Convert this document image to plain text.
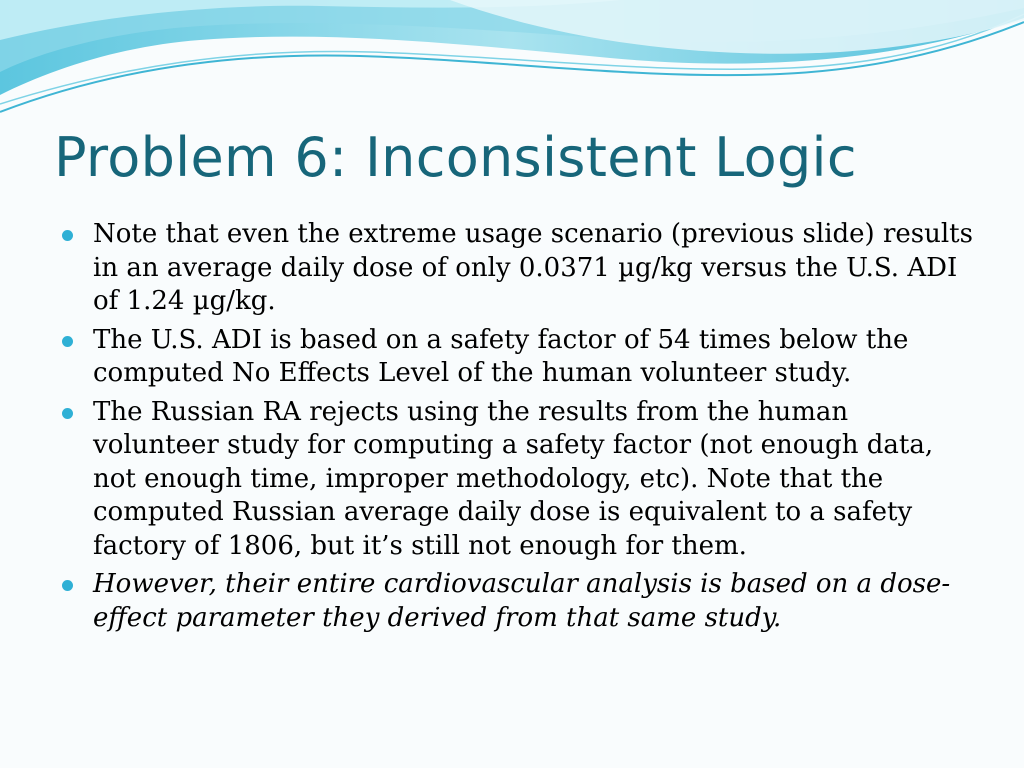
Problem 6: Inconsistent Logic
Note that even the extreme usage scenario (previous slide) results in an average daily dose of only 0.0371 µg/kg versus the U.S. ADI of 1.24 µg/kg.
The U.S. ADI is based on a safety factor of 54 times below the computed No Effects Level of the human volunteer study.
The Russian RA rejects using the results from the human volunteer study for computing a safety factor (not enough data, not enough time, improper methodology, etc). Note that the computed Russian average daily dose is equivalent to a safety factory of 1806, but it’s still not enough for them.
However, their entire cardiovascular analysis is based on a dose-effect parameter they derived from that same study.
